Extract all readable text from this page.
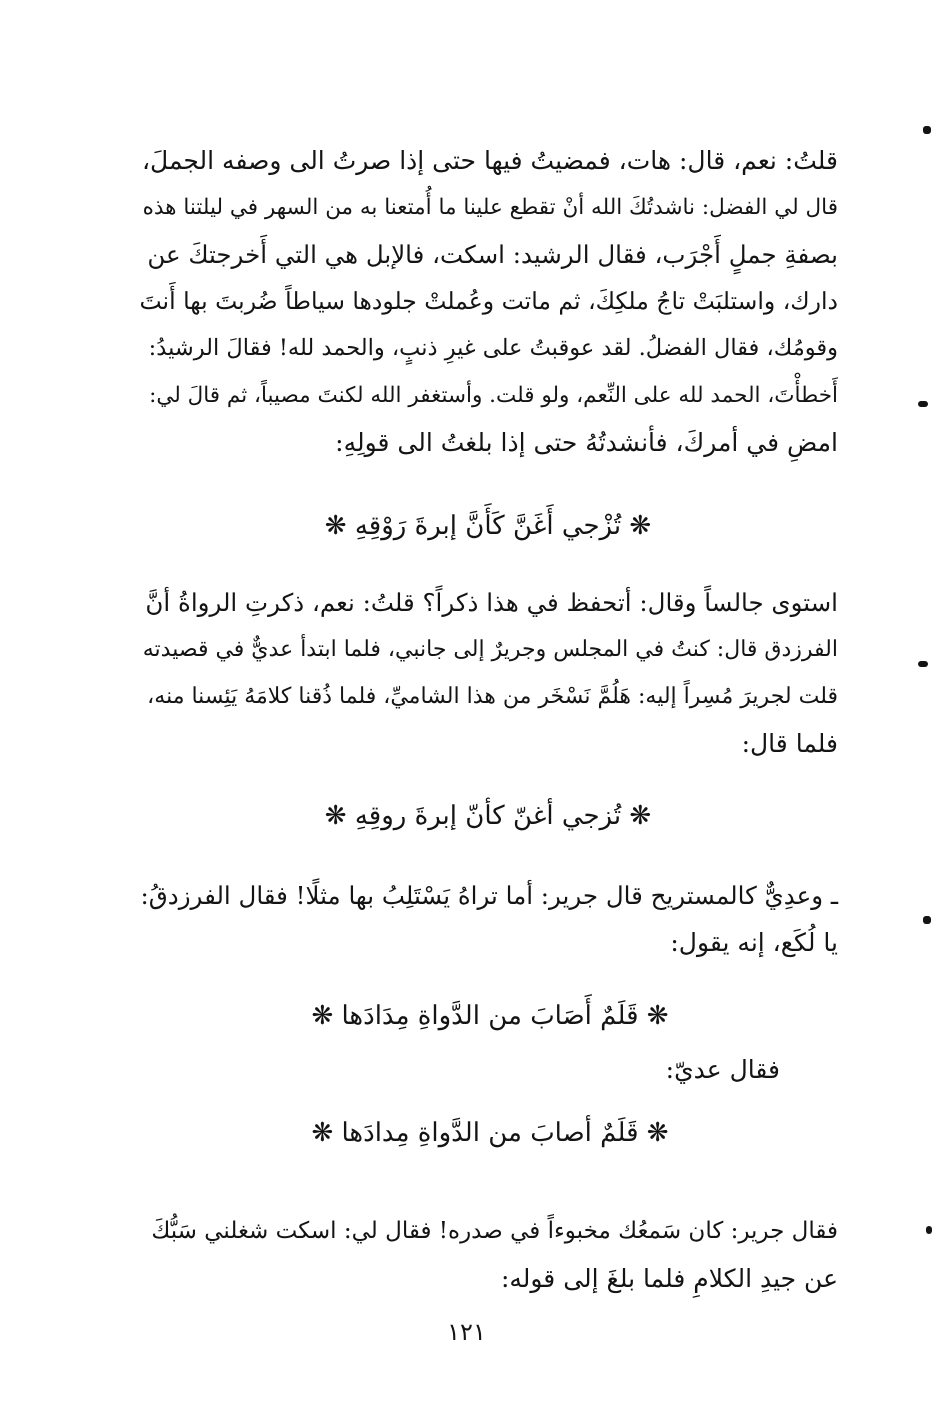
قلتُ: نعم، قال: هات، فمضيتُ فيها حتى إذا صرتُ الى وصفه الجملَ،
قال لي الفضل: ناشدتُكَ الله أنْ تقطع علينا ما أُمتعنا به من السهر في ليلتنا هذه
بصفةِ جملٍ أَجْرَب، فقال الرشيد: اسكت، فالإبل هي التي أَخرجتكَ عن
دارك، واستلبَتْ تاجُ ملكِكَ، ثم ماتت وعُملتْ جلودها سياطاً ضُربتَ بها أَنتَ
وقومُك، فقال الفضلُ. لقد عوقبتُ على غيرِ ذنبٍ، والحمد لله! فقالَ الرشيدُ:
أَخطأْتَ، الحمد لله على النِّعم، ولو قلت. وأستغفر الله لكنتَ مصيباً، ثم قالَ لي:
امضِ في أمركَ، فأنشدتُهُ حتى إذا بلغتُ الى قولِهِ:
❋ تُزْجي أَغَنَّ كَأَنَّ إبرةَ رَوْقِهِ ❋
استوى جالساً وقال: أتحفظ في هذا ذكراً؟ قلتُ: نعم، ذكرتِ الرواةُ أنَّ
الفرزدق قال: كنتُ في المجلس وجريرٌ إلى جانبي، فلما ابتدأ عديٌّ في قصيدته
قلت لجريرَ مُسِراً إليه: هَلُمَّ نَسْخَر من هذا الشاميِّ، فلما ذُقنا كلامَهُ يَئِسنا منه،
فلما قال:
❋ تُزجي أغنّ كأنّ إبرةَ روقِهِ ❋
ـ وعدِيٌّ كالمستريح قال جرير: أما تراهُ يَسْتَلِبُ بها مثلًا! فقال الفرزدقُ:
يا لُكَع، إنه يقول:
❋ قَلَمٌ أَصَابَ من الدَّواةِ مِدَادَها ❋
فقال عديّ:
❋ قَلَمٌ أصابَ من الدَّواةِ مِدادَها ❋
فقال جرير: كان سَمعُك مخبوءاً في صدره! فقال لي: اسكت شغلني سَبُّكَ
عن جيدِ الكلامِ فلما بلغَ إلى قوله:
١٢١
